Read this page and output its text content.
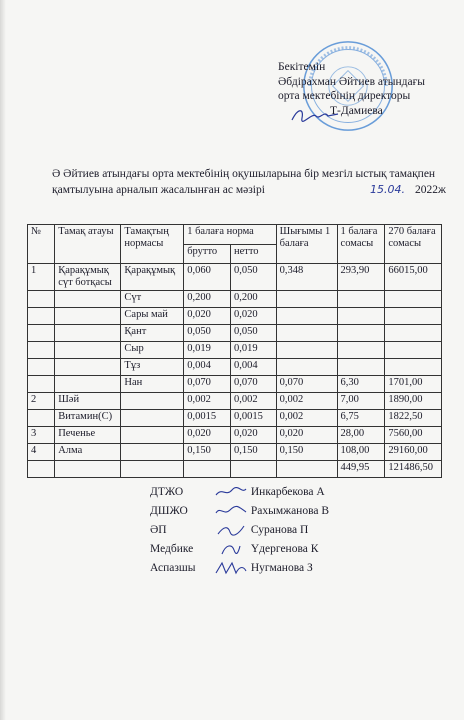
Бекітемін
Әбдірахман Әйтиев атындағы
орта мектебінің директоры
Т-Дамиева
Ә Әйтиев атындағы орта мектебінің оқушыларына бір мезгіл ыстық тамақпен қамтылуына арналып жасалынған ас мәзірі	15.04. 2022ж
№	Тамақ атауы	Тамақтың нормасы	1 балаға норма		Шығымы 1 балаға	1 балаға сомасы	270 балаға сомасы
			брутто	нетто			
1	Қарақұмық сүт ботқасы	Қарақұмық	0,060	0,050	0,348	293,90	66015,00
		Сүт	0,200	0,200			
		Сары май	0,020	0,020			
		Қант	0,050	0,050			
		Сыр	0,019	0,019			
		Тұз	0,004	0,004			
		Нан	0,070	0,070	0,070	6,30	1701,00
2	Шәй		0,002	0,002	0,002	7,00	1890,00
	Витамин(С)		0,0015	0,0015	0,002	6,75	1822,50
3	Печенье		0,020	0,020	0,020	28,00	7560,00
4	Алма		0,150	0,150	0,150	108,00	29160,00
						449,95	121486,50
ДТЖО	Инкарбекова А
ДШЖО	Рахымжанова В
ӘП	Суранова П
Медбике	Үдергенова К
Аспазшы	Нугманова З
